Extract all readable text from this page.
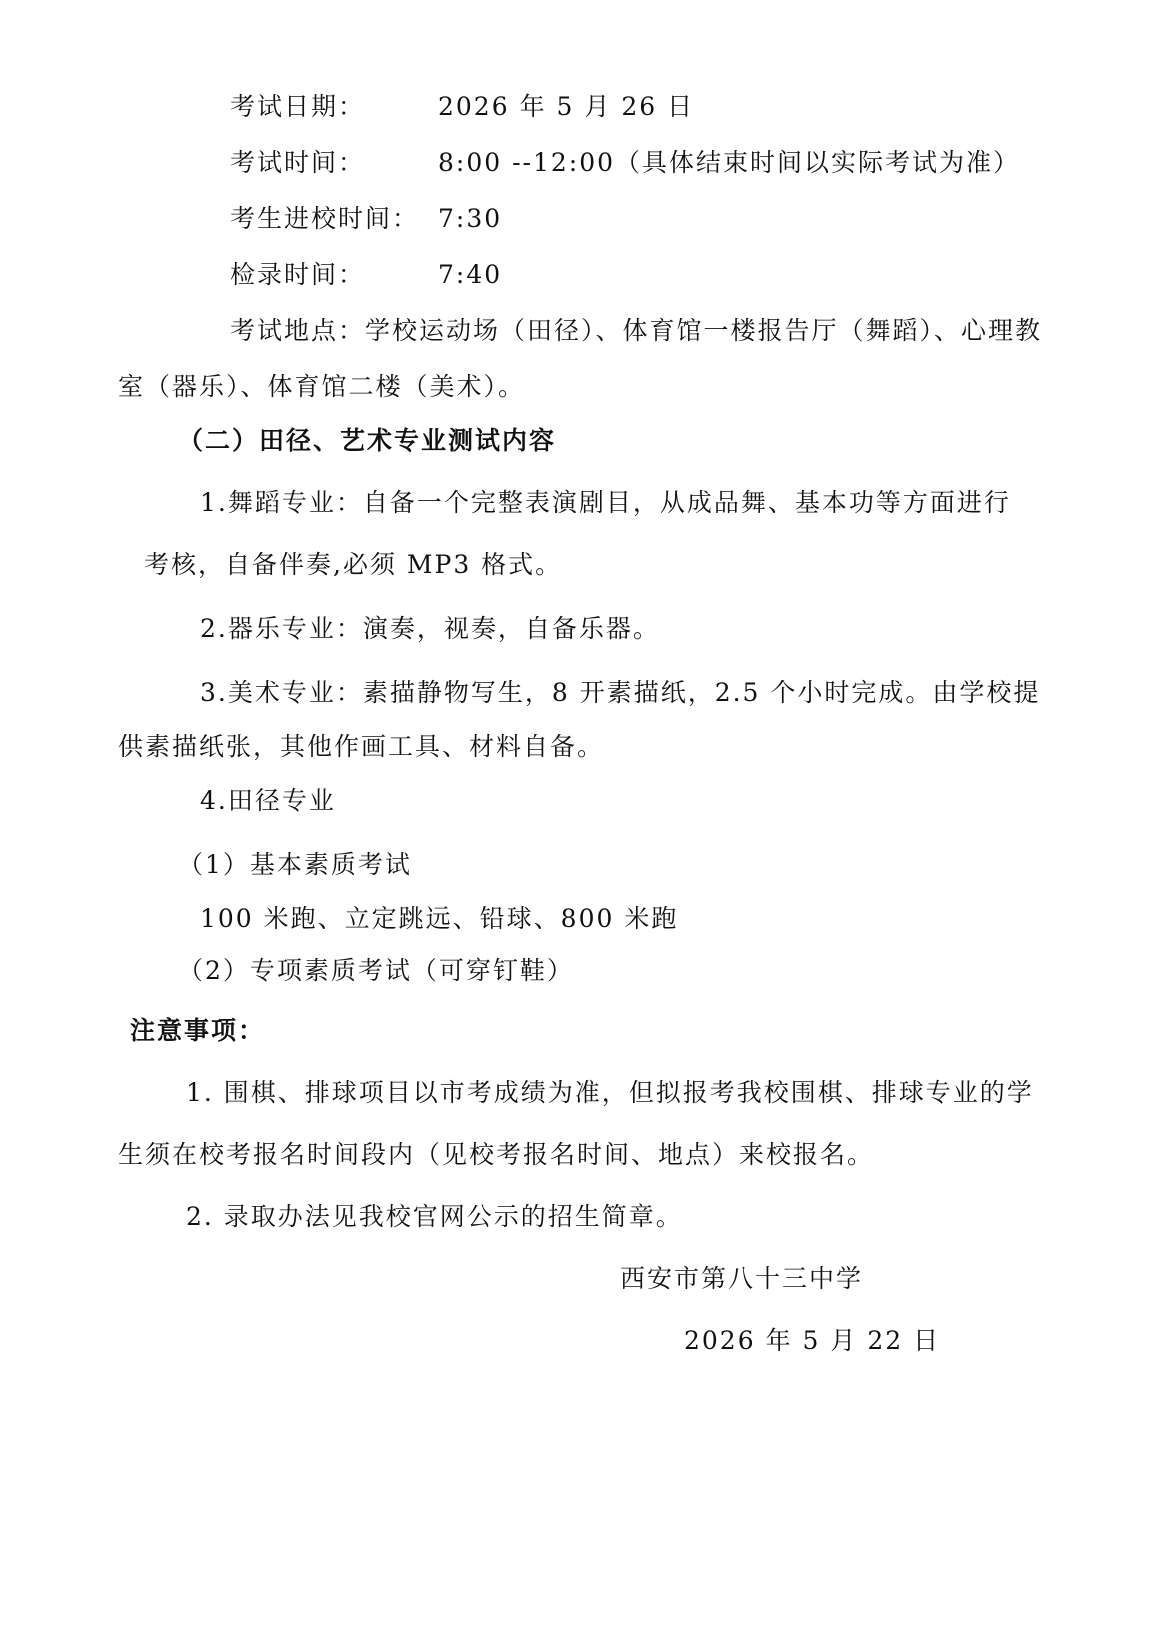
考试日期：	2026 年 5 月 26 日
考试时间：	8:00 --12:00（具体结束时间以实际考试为准）
考生进校时间： 7:30
检录时间：	7:40
考试地点：学校运动场（田径）、体育馆一楼报告厅（舞蹈）、心理教
室（器乐）、体育馆二楼（美术）。
（二）田径、艺术专业测试内容
1.舞蹈专业：自备一个完整表演剧目，从成品舞、基本功等方面进行
考核，自备伴奏,必须 MP3 格式。
2.器乐专业：演奏，视奏，自备乐器。
3.美术专业：素描静物写生，8 开素描纸，2.5 个小时完成。由学校提
供素描纸张，其他作画工具、材料自备。
4.田径专业
（1）基本素质考试
100 米跑、立定跳远、铅球、800 米跑
（2）专项素质考试（可穿钉鞋）
注意事项：
1. 围棋、排球项目以市考成绩为准，但拟报考我校围棋、排球专业的学
生须在校考报名时间段内（见校考报名时间、地点）来校报名。
2. 录取办法见我校官网公示的招生简章。
西安市第八十三中学
2026 年 5 月 22 日
